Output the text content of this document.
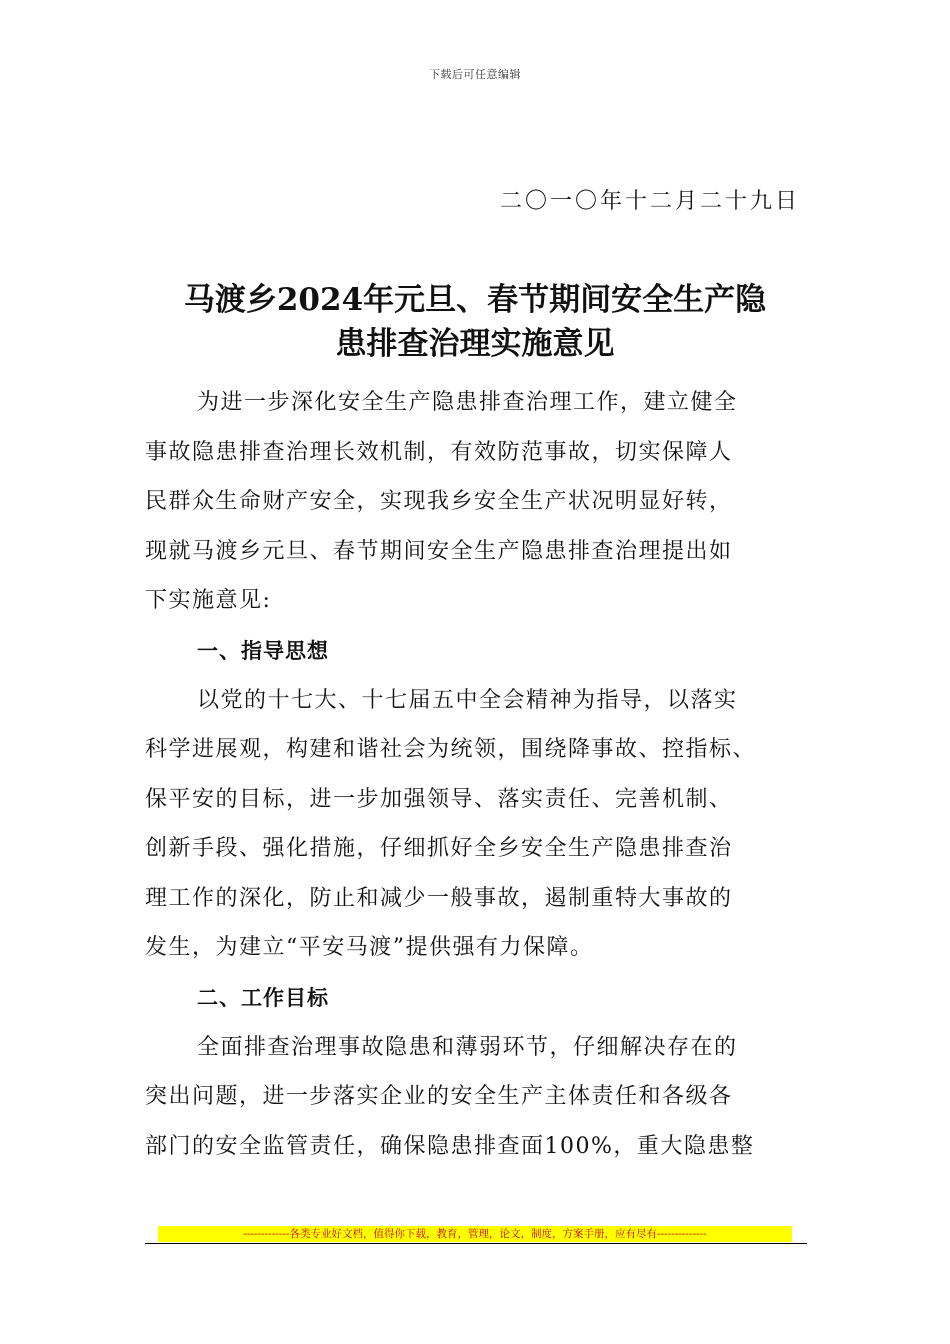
下载后可任意编辑
二〇一〇年十二月二十九日
马渡乡2024年元旦、春节期间安全生产隐
患排查治理实施意见
为进一步深化安全生产隐患排查治理工作，建立健全
事故隐患排查治理长效机制，有效防范事故，切实保障人
民群众生命财产安全，实现我乡安全生产状况明显好转，
现就马渡乡元旦、春节期间安全生产隐患排查治理提出如
下实施意见:
一、指导思想
以党的十七大、十七届五中全会精神为指导，以落实
科学进展观，构建和谐社会为统领，围绕降事故、控指标、
保平安的目标，进一步加强领导、落实责任、完善机制、
创新手段、强化措施，仔细抓好全乡安全生产隐患排查治
理工作的深化，防止和减少一般事故，遏制重特大事故的
发生，为建立“平安马渡”提供强有力保障。
二、工作目标
全面排查治理事故隐患和薄弱环节，仔细解决存在的
突出问题，进一步落实企业的安全生产主体责任和各级各
部门的安全监管责任，确保隐患排查面100%，重大隐患整
-------------各类专业好文档，值得你下载，教育，管理，论文，制度，方案手册，应有尽有--------------
